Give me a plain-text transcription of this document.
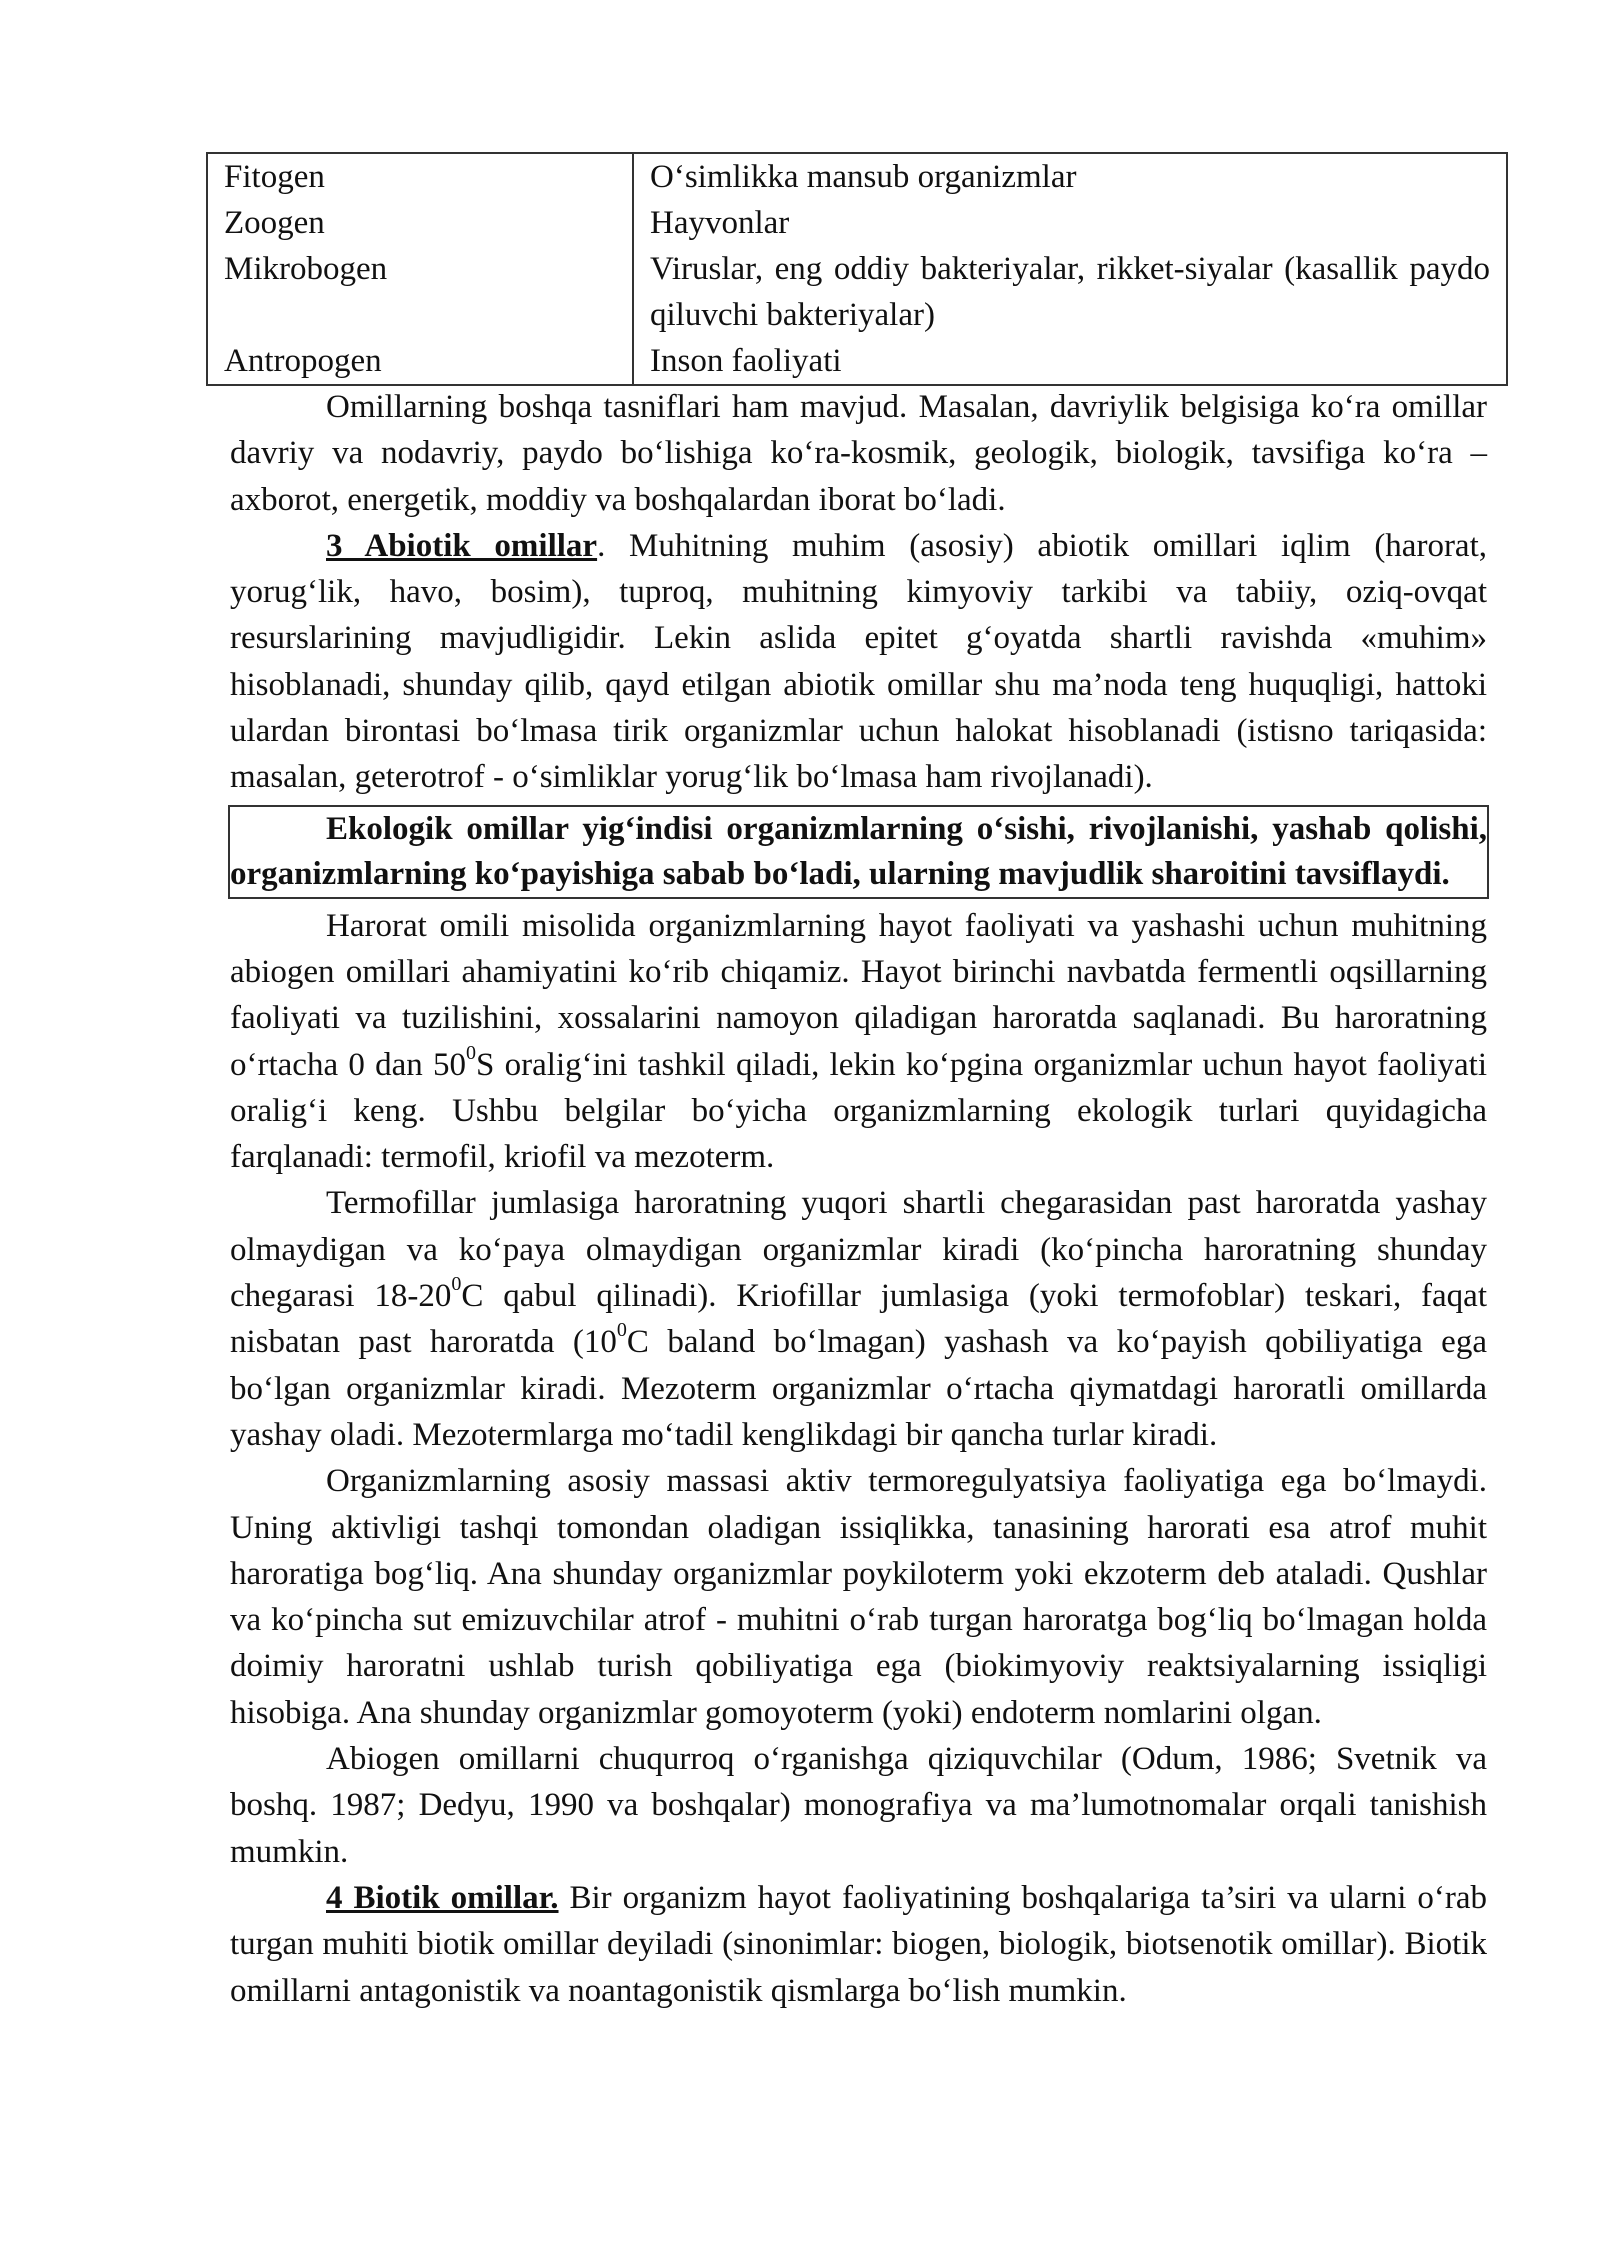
Fitogen	O‘simlikka mansub organizmlar
Zoogen	Hayvonlar
Mikrobogen	Viruslar, eng oddiy bakteriyalar, rikket-siyalar (kasallik paydo qiluvchi bakteriyalar)
Antropogen	Inson faoliyati

Omillarning boshqa tasniflari ham mavjud. Masalan, davriylik belgisiga ko‘ra omillar davriy va nodavriy, paydo bo‘lishiga ko‘ra-kosmik, geologik, biologik, tavsifiga ko‘ra – axborot, energetik, moddiy va boshqalardan iborat bo‘ladi.

3 Abiotik omillar. Muhitning muhim (asosiy) abiotik omillari iqlim (harorat, yorug‘lik, havo, bosim), tuproq, muhitning kimyoviy tarkibi va tabiiy, oziq-ovqat resurslarining mavjudligidir. Lekin aslida epitet g‘oyatda shartli ravishda «muhim» hisoblanadi, shunday qilib, qayd etilgan abiotik omillar shu ma’noda teng huquqligi, hattoki ulardan birontasi bo‘lmasa tirik organizmlar uchun halokat hisoblanadi (istisno tariqasida: masalan, geterotrof - o‘simliklar yorug‘lik bo‘lmasa ham rivojlanadi).

Ekologik omillar yig‘indisi organizmlarning o‘sishi, rivojlanishi, yashab qolishi, organizmlarning ko‘payishiga sabab bo‘ladi, ularning mavjudlik sharoitini tavsiflaydi.

Harorat omili misolida organizmlarning hayot faoliyati va yashashi uchun muhitning abiogen omillari ahamiyatini ko‘rib chiqamiz. Hayot birinchi navbatda fermentli oqsillarning faoliyati va tuzilishini, xossalarini namoyon qiladigan haroratda saqlanadi. Bu haroratning o‘rtacha 0 dan $50^0S$ oralig‘ini tashkil qiladi, lekin ko‘pgina organizmlar uchun hayot faoliyati oralig‘i keng. Ushbu belgilar bo‘yicha organizmlarning ekologik turlari quyidagicha farqlanadi: termofil, kriofil va mezoterm.

Termofillar jumlasiga haroratning yuqori shartli chegarasidan past haroratda yashay olmaydigan va ko‘paya olmaydigan organizmlar kiradi (ko‘pincha haroratning shunday chegarasi $18-20^0C$ qabul qilinadi). Kriofillar jumlasiga (yoki termofoblar) teskari, faqat nisbatan past haroratda ($10^0C$ baland bo‘lmagan) yashash va ko‘payish qobiliyatiga ega bo‘lgan organizmlar kiradi. Mezoterm organizmlar o‘rtacha qiymatdagi haroratli omillarda yashay oladi. Mezotermlarga mo‘tadil kenglikdagi bir qancha turlar kiradi.

Organizmlarning asosiy massasi aktiv termoregulyatsiya faoliyatiga ega bo‘lmaydi. Uning aktivligi tashqi tomondan oladigan issiqlikka, tanasining harorati esa atrof muhit haroratiga bog‘liq. Ana shunday organizmlar poykiloterm yoki ekzoterm deb ataladi. Qushlar va ko‘pincha sut emizuvchilar atrof - muhitni o‘rab turgan haroratga bog‘liq bo‘lmagan holda doimiy haroratni ushlab turish qobiliyatiga ega (biokimyoviy reaktsiyalarning issiqligi hisobiga. Ana shunday organizmlar gomoyoterm (yoki) endoterm nomlarini olgan.

Abiogen omillarni chuqurroq o‘rganishga qiziquvchilar (Odum, 1986; Svetnik va boshq. 1987; Dedyu, 1990 va boshqalar) monografiya va ma’lumotnomalar orqali tanishish mumkin.

4 Biotik omillar. Bir organizm hayot faoliyatining boshqalariga ta’siri va ularni o‘rab turgan muhiti biotik omillar deyiladi (sinonimlar: biogen, biologik, biotsenotik omillar). Biotik omillarni antagonistik va noantagonistik qismlarga bo‘lish mumkin.
